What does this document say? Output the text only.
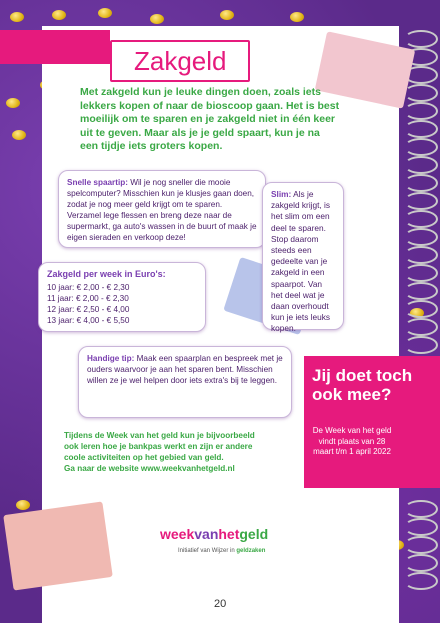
Zakgeld
Met zakgeld kun je leuke dingen doen, zoals iets lekkers kopen of naar de bioscoop gaan. Het is best moeilijk om te sparen en je zakgeld niet in één keer uit te geven. Maar als je je geld spaart, kun je na een tijdje iets groters kopen.
Snelle spaartip: Wil je nog sneller die mooie spelcomputer? Misschien kun je klusjes gaan doen, zodat je nog meer geld krijgt om te sparen. Verzamel lege flessen en breng deze naar de supermarkt, ga auto's wassen in de buurt of maak je eigen sieraden en verkoop deze!
Slim: Als je zakgeld krijgt, is het slim om een deel te sparen. Stop daarom steeds een gedeelte van je zakgeld in een spaarpot. Van het deel wat je daan overhoudt kun je iets leuks kopen.
Zakgeld per week in Euro's:
10 jaar: € 2,00 - € 2,30
11 jaar: € 2,00 - € 2,30
12 jaar: € 2,50 - € 4,00
13 jaar: € 4,00 - € 5,50
Handige tip: Maak een spaarplan en bespreek met je ouders waarvoor je aan het sparen bent. Misschien willen ze je wel helpen door iets extra's bij te leggen.
Tijdens de Week van het geld kun je bijvoorbeeld ook leren hoe je bankpas werkt en zijn er andere coole activiteiten op het gebied van geld.
Ga naar de website www.weekvanhetgeld.nl
Jij doet toch ook mee?
De Week van het geld vindt plaats van 28 maart t/m 1 april 2022
weekvanhetgeld
Initiatief van Wijzer in geldzaken
20
